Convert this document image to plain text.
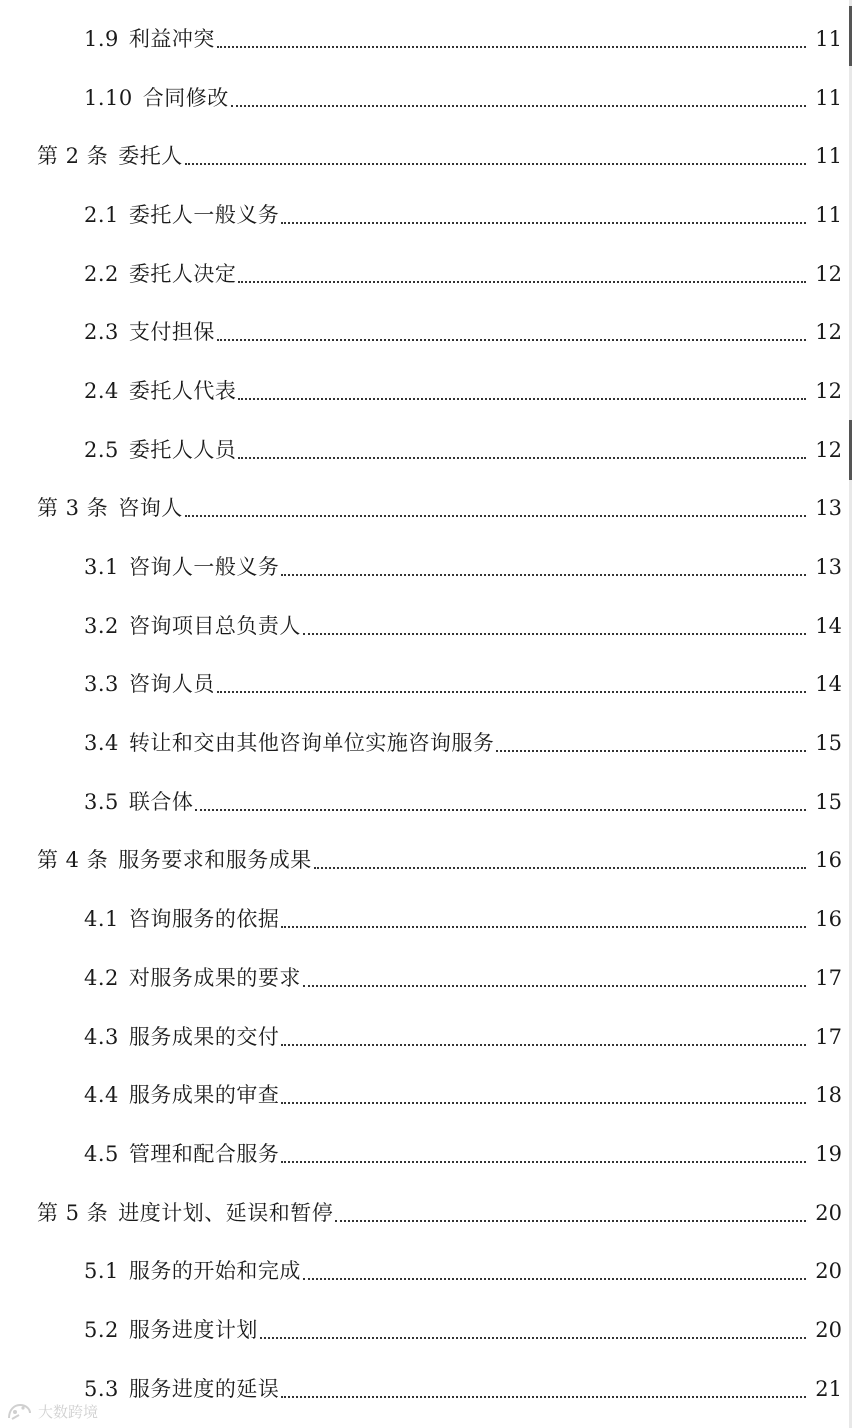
1.9 利益冲突	11
1.10 合同修改	11
第 2 条 委托人	11
2.1 委托人一般义务	11
2.2 委托人决定	12
2.3 支付担保	12
2.4 委托人代表	12
2.5 委托人人员	12
第 3 条 咨询人	13
3.1 咨询人一般义务	13
3.2 咨询项目总负责人	14
3.3 咨询人员	14
3.4 转让和交由其他咨询单位实施咨询服务	15
3.5 联合体	15
第 4 条 服务要求和服务成果	16
4.1 咨询服务的依据	16
4.2 对服务成果的要求	17
4.3 服务成果的交付	17
4.4 服务成果的审查	18
4.5 管理和配合服务	19
第 5 条 进度计划、延误和暂停	20
5.1 服务的开始和完成	20
5.2 服务进度计划	20
5.3 服务进度的延误	21
大数跨境
